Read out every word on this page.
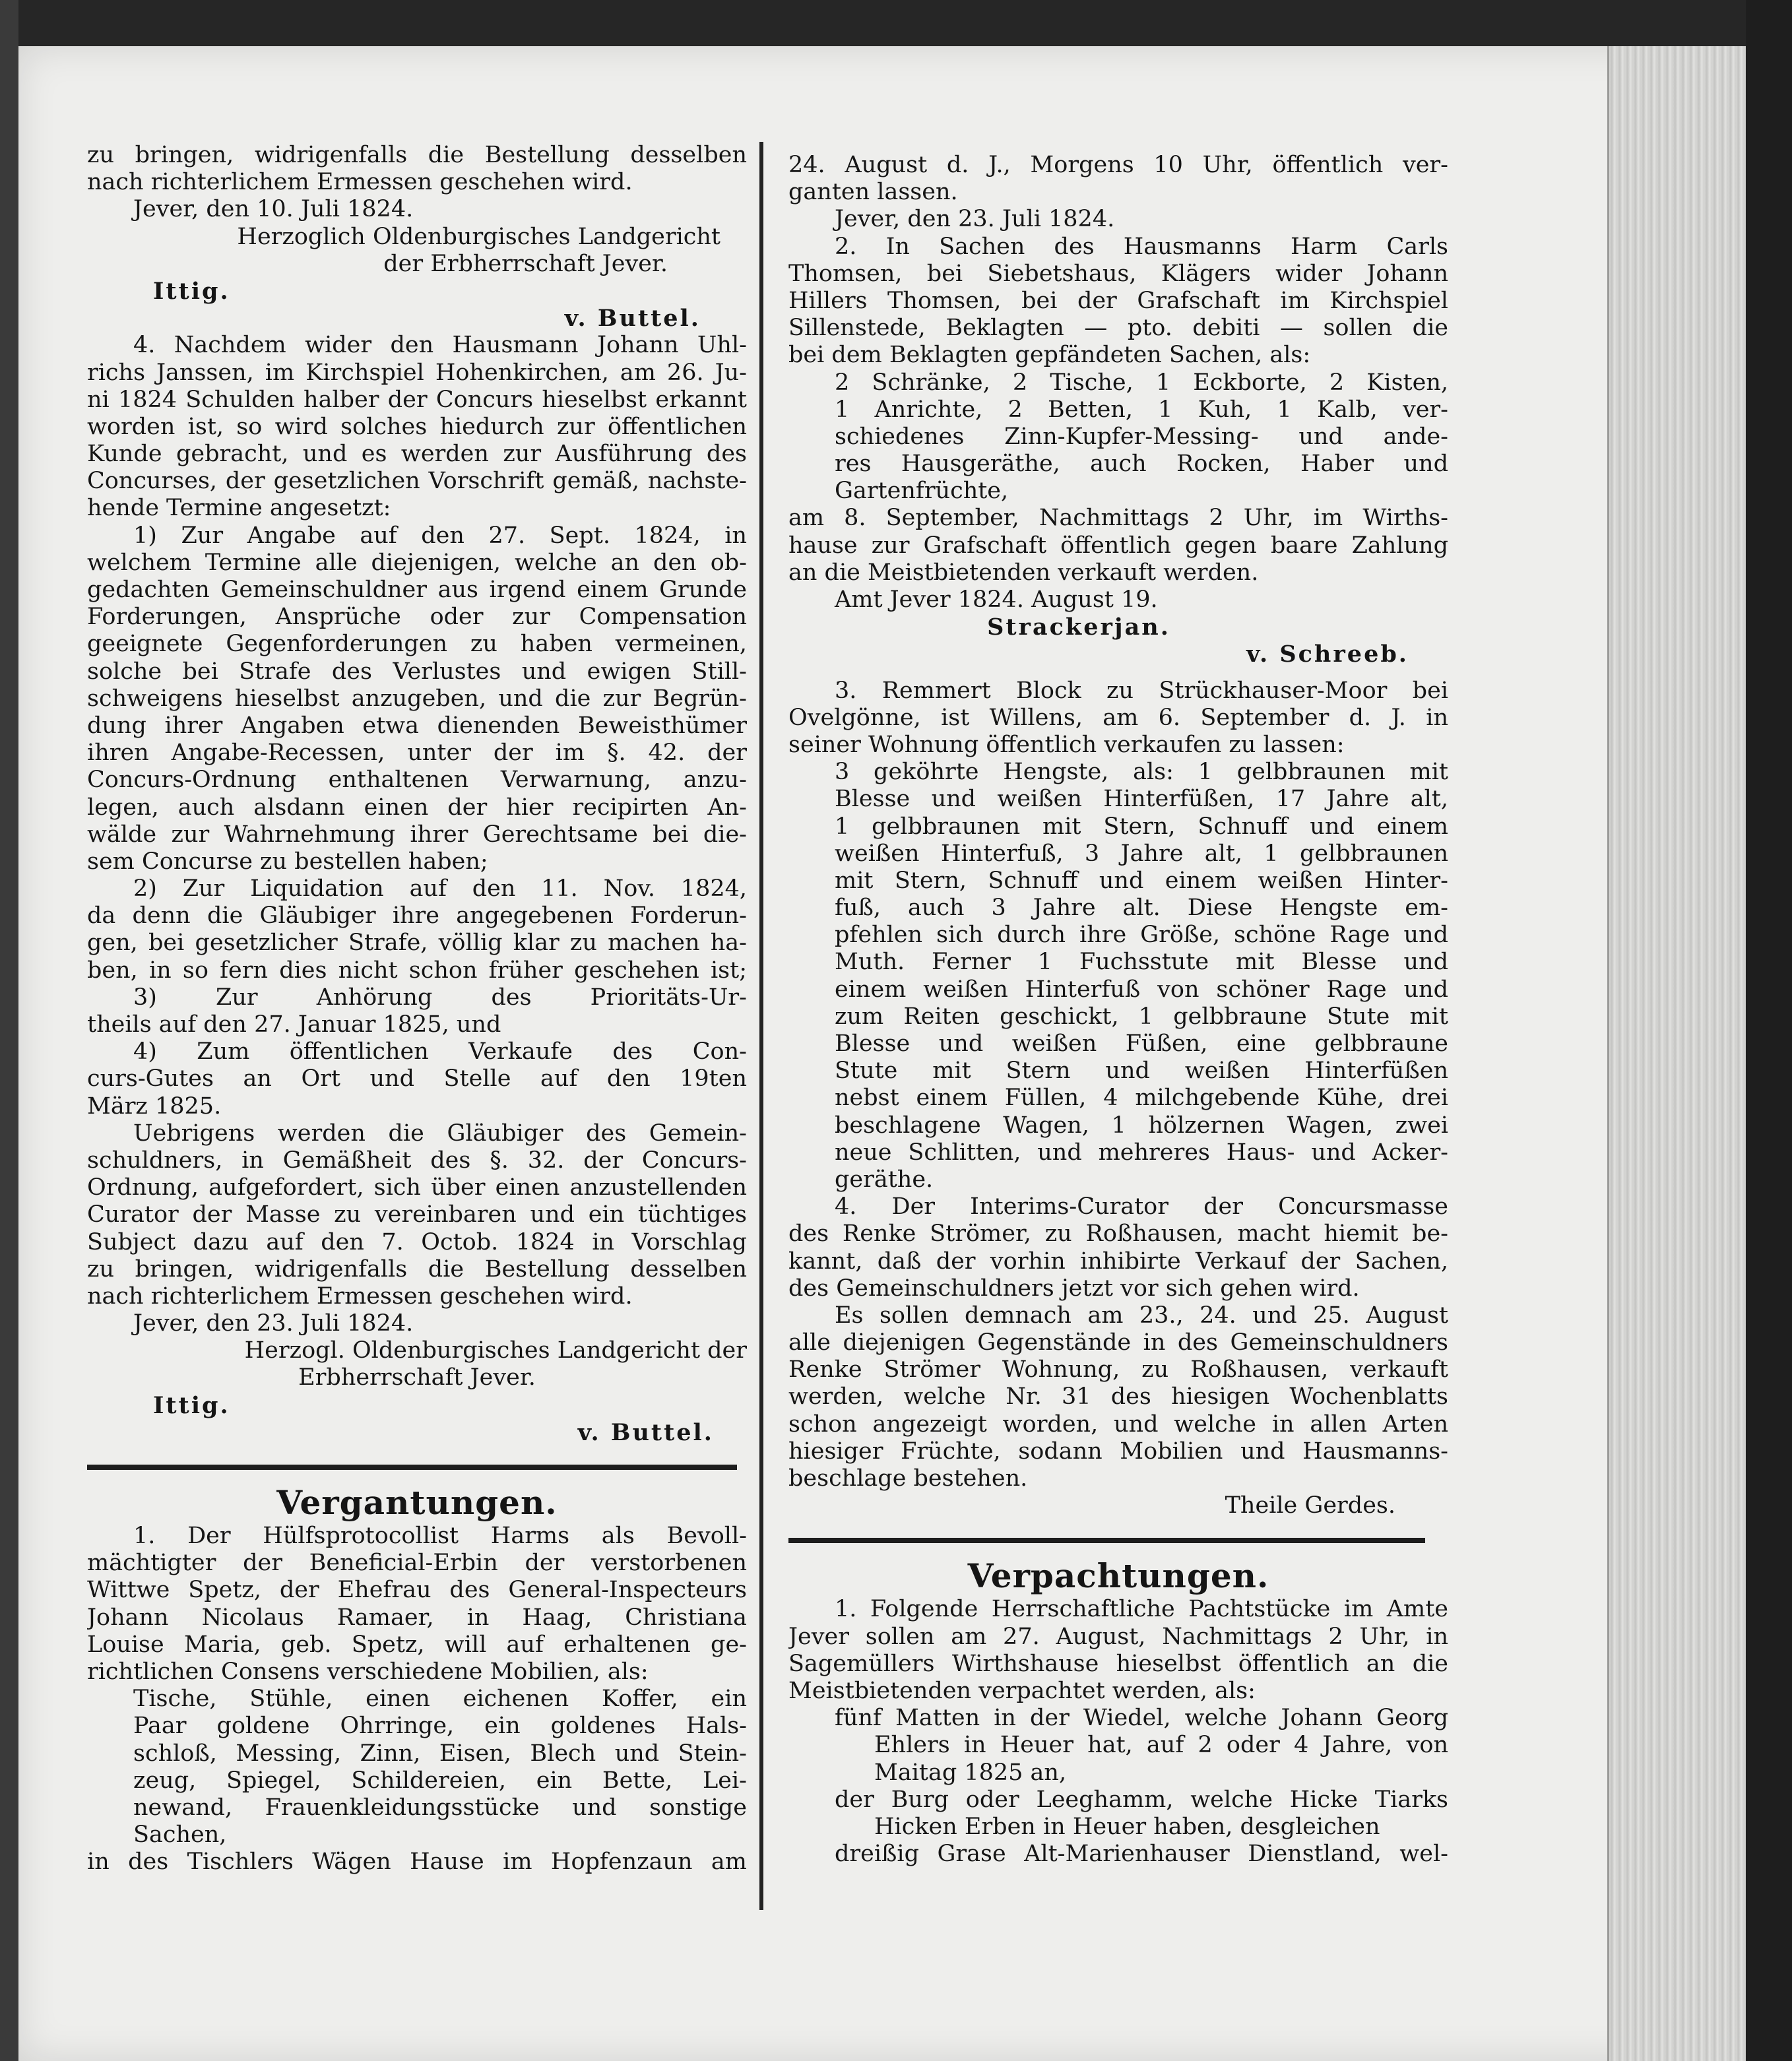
zu bringen, widrigenfalls die Bestellung desselben
nach richterlichem Ermessen geschehen wird.
Jever, den 10. Juli 1824.
Herzoglich Oldenburgisches Landgericht
der Erbherrschaft Jever.
Ittig.
v. Buttel.
4. Nachdem wider den Hausmann Johann Uhl-
richs Janssen, im Kirchspiel Hohenkirchen, am 26. Ju-
ni 1824 Schulden halber der Concurs hieselbst erkannt
worden ist, so wird solches hiedurch zur öffentlichen
Kunde gebracht, und es werden zur Ausführung des
Concurses, der gesetzlichen Vorschrift gemäß, nachste-
hende Termine angesetzt:
1) Zur Angabe auf den 27. Sept. 1824, in
welchem Termine alle diejenigen, welche an den ob-
gedachten Gemeinschuldner aus irgend einem Grunde
Forderungen, Ansprüche oder zur Compensation
geeignete Gegenforderungen zu haben vermeinen,
solche bei Strafe des Verlustes und ewigen Still-
schweigens hieselbst anzugeben, und die zur Begrün-
dung ihrer Angaben etwa dienenden Beweisthümer
ihren Angabe-Recessen, unter der im §. 42. der
Concurs-Ordnung enthaltenen Verwarnung, anzu-
legen, auch alsdann einen der hier recipirten An-
wälde zur Wahrnehmung ihrer Gerechtsame bei die-
sem Concurse zu bestellen haben;
2) Zur Liquidation auf den 11. Nov. 1824,
da denn die Gläubiger ihre angegebenen Forderun-
gen, bei gesetzlicher Strafe, völlig klar zu machen ha-
ben, in so fern dies nicht schon früher geschehen ist;
3) Zur Anhörung des Prioritäts-Ur-
theils auf den 27. Januar 1825, und
4) Zum öffentlichen Verkaufe des Con-
curs-Gutes an Ort und Stelle auf den 19ten
März 1825.
Uebrigens werden die Gläubiger des Gemein-
schuldners, in Gemäßheit des §. 32. der Concurs-
Ordnung, aufgefordert, sich über einen anzustellenden
Curator der Masse zu vereinbaren und ein tüchtiges
Subject dazu auf den 7. Octob. 1824 in Vorschlag
zu bringen, widrigenfalls die Bestellung desselben
nach richterlichem Ermessen geschehen wird.
Jever, den 23. Juli 1824.
Herzogl. Oldenburgisches Landgericht der
Erbherrschaft Jever.
Ittig.
v. Buttel.
Vergantungen.
1. Der Hülfsprotocollist Harms als Bevoll-
mächtigter der Beneficial-Erbin der verstorbenen
Wittwe Spetz, der Ehefrau des General-Inspecteurs
Johann Nicolaus Ramaer, in Haag, Christiana
Louise Maria, geb. Spetz, will auf erhaltenen ge-
richtlichen Consens verschiedene Mobilien, als:
Tische, Stühle, einen eichenen Koffer, ein
Paar goldene Ohrringe, ein goldenes Hals-
schloß, Messing, Zinn, Eisen, Blech und Stein-
zeug, Spiegel, Schildereien, ein Bette, Lei-
newand, Frauenkleidungsstücke und sonstige
Sachen,
in des Tischlers Wägen Hause im Hopfenzaun am
24. August d. J., Morgens 10 Uhr, öffentlich ver-
ganten lassen.
Jever, den 23. Juli 1824.
2. In Sachen des Hausmanns Harm Carls
Thomsen, bei Siebetshaus, Klägers wider Johann
Hillers Thomsen, bei der Grafschaft im Kirchspiel
Sillenstede, Beklagten — pto. debiti — sollen die
bei dem Beklagten gepfändeten Sachen, als:
2 Schränke, 2 Tische, 1 Eckborte, 2 Kisten,
1 Anrichte, 2 Betten, 1 Kuh, 1 Kalb, ver-
schiedenes Zinn-Kupfer-Messing- und ande-
res Hausgeräthe, auch Rocken, Haber und
Gartenfrüchte,
am 8. September, Nachmittags 2 Uhr, im Wirths-
hause zur Grafschaft öffentlich gegen baare Zahlung
an die Meistbietenden verkauft werden.
Amt Jever 1824. August 19.
Strackerjan.
v. Schreeb.
3. Remmert Block zu Strückhauser-Moor bei
Ovelgönne, ist Willens, am 6. September d. J. in
seiner Wohnung öffentlich verkaufen zu lassen:
3 geköhrte Hengste, als: 1 gelbbraunen mit
Blesse und weißen Hinterfüßen, 17 Jahre alt,
1 gelbbraunen mit Stern, Schnuff und einem
weißen Hinterfuß, 3 Jahre alt, 1 gelbbraunen
mit Stern, Schnuff und einem weißen Hinter-
fuß, auch 3 Jahre alt. Diese Hengste em-
pfehlen sich durch ihre Größe, schöne Rage und
Muth. Ferner 1 Fuchsstute mit Blesse und
einem weißen Hinterfuß von schöner Rage und
zum Reiten geschickt, 1 gelbbraune Stute mit
Blesse und weißen Füßen, eine gelbbraune
Stute mit Stern und weißen Hinterfüßen
nebst einem Füllen, 4 milchgebende Kühe, drei
beschlagene Wagen, 1 hölzernen Wagen, zwei
neue Schlitten, und mehreres Haus- und Acker-
geräthe.
4. Der Interims-Curator der Concursmasse
des Renke Strömer, zu Roßhausen, macht hiemit be-
kannt, daß der vorhin inhibirte Verkauf der Sachen,
des Gemeinschuldners jetzt vor sich gehen wird.
Es sollen demnach am 23., 24. und 25. August
alle diejenigen Gegenstände in des Gemeinschuldners
Renke Strömer Wohnung, zu Roßhausen, verkauft
werden, welche Nr. 31 des hiesigen Wochenblatts
schon angezeigt worden, und welche in allen Arten
hiesiger Früchte, sodann Mobilien und Hausmanns-
beschlage bestehen.
Theile Gerdes.
Verpachtungen.
1. Folgende Herrschaftliche Pachtstücke im Amte
Jever sollen am 27. August, Nachmittags 2 Uhr, in
Sagemüllers Wirthshause hieselbst öffentlich an die
Meistbietenden verpachtet werden, als:
fünf Matten in der Wiedel, welche Johann Georg
Ehlers in Heuer hat, auf 2 oder 4 Jahre, von
Maitag 1825 an,
der Burg oder Leeghamm, welche Hicke Tiarks
Hicken Erben in Heuer haben, desgleichen
dreißig Grase Alt-Marienhauser Dienstland, wel-
